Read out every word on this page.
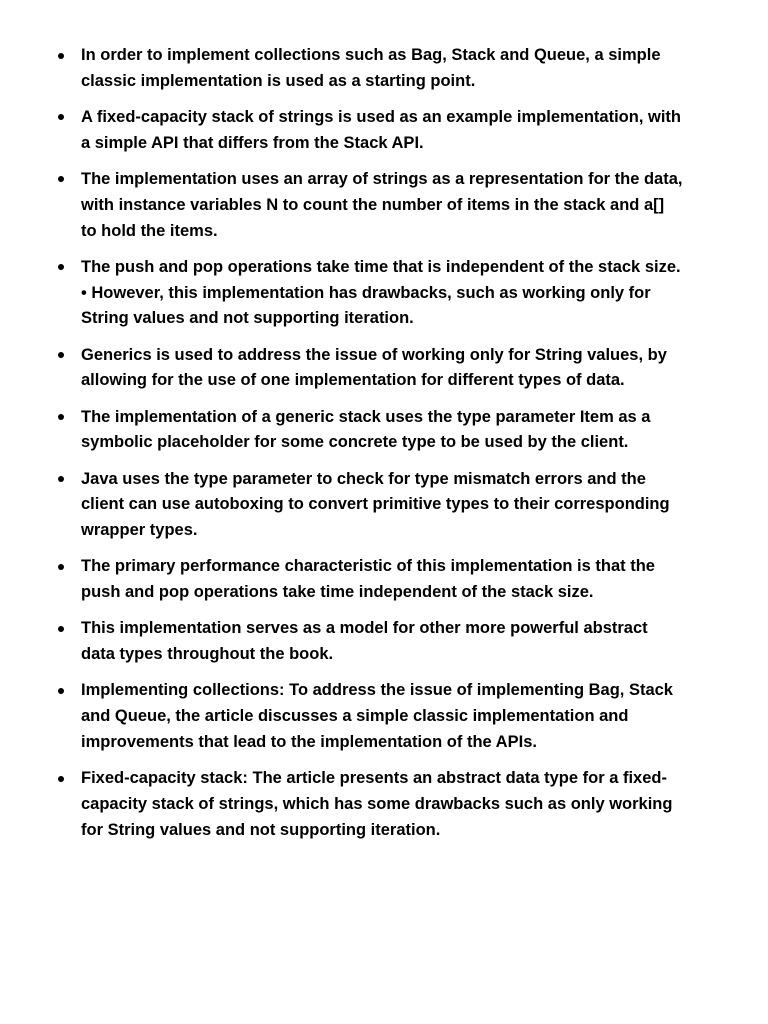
In order to implement collections such as Bag, Stack and Queue, a simple classic implementation is used as a starting point.
A fixed-capacity stack of strings is used as an example implementation, with a simple API that differs from the Stack API.
The implementation uses an array of strings as a representation for the data, with instance variables N to count the number of items in the stack and a[] to hold the items.
The push and pop operations take time that is independent of the stack size. • However, this implementation has drawbacks, such as working only for String values and not supporting iteration.
Generics is used to address the issue of working only for String values, by allowing for the use of one implementation for different types of data.
The implementation of a generic stack uses the type parameter Item as a symbolic placeholder for some concrete type to be used by the client.
Java uses the type parameter to check for type mismatch errors and the client can use autoboxing to convert primitive types to their corresponding wrapper types.
The primary performance characteristic of this implementation is that the push and pop operations take time independent of the stack size.
This implementation serves as a model for other more powerful abstract data types throughout the book.
Implementing collections: To address the issue of implementing Bag, Stack and Queue, the article discusses a simple classic implementation and improvements that lead to the implementation of the APIs.
Fixed-capacity stack: The article presents an abstract data type for a fixed-capacity stack of strings, which has some drawbacks such as only working for String values and not supporting iteration.
